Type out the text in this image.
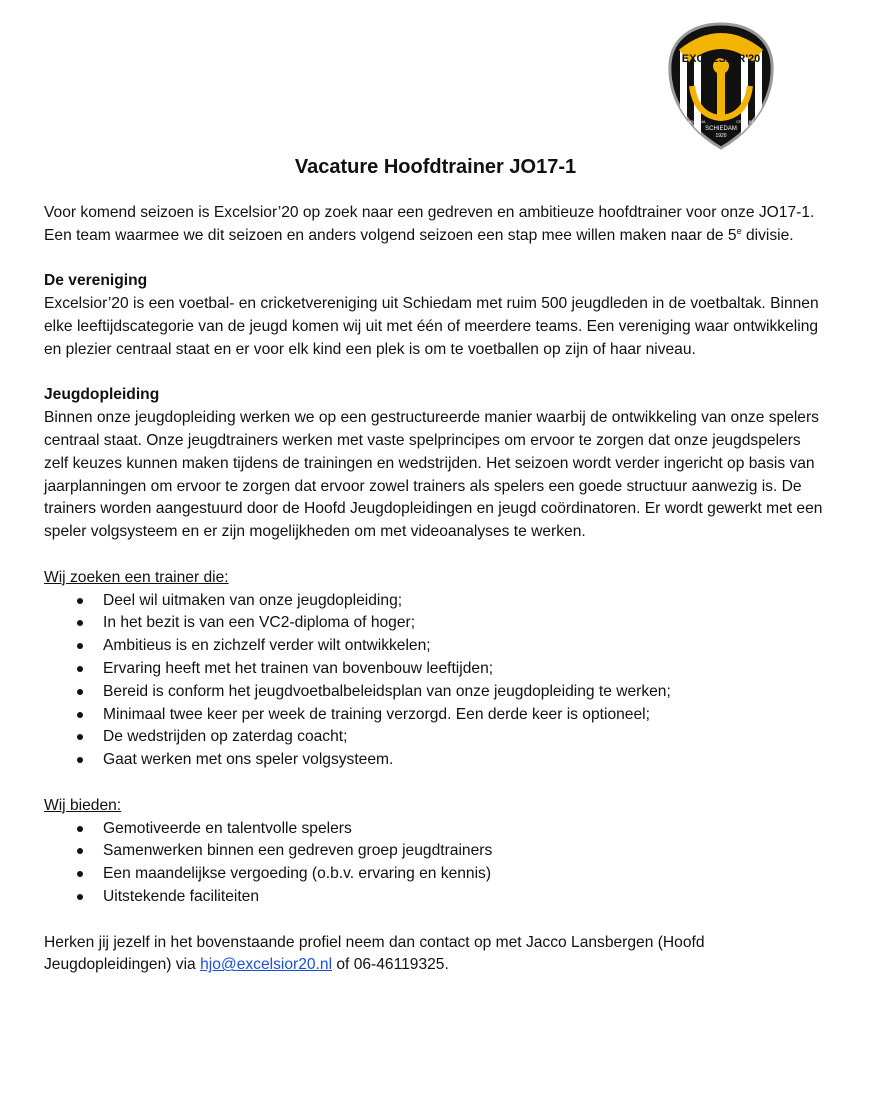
EXCELSIOR'20
VOETBAL	CRICKET
SCHIEDAM
1920
Vacature Hoofdtrainer JO17-1

Voor komend seizoen is Excelsior’20 op zoek naar een gedreven en ambitieuze hoofdtrainer voor onze JO17-1. Een team waarmee we dit seizoen en anders volgend seizoen een stap mee willen maken naar de 5e divisie.

De vereniging

Excelsior’20 is een voetbal- en cricketvereniging uit Schiedam met ruim 500 jeugdleden in de voetbaltak. Binnen elke leeftijdscategorie van de jeugd komen wij uit met één of meerdere teams. Een vereniging waar ontwikkeling en plezier centraal staat en er voor elk kind een plek is om te voetballen op zijn of haar niveau.

Jeugdopleiding

Binnen onze jeugdopleiding werken we op een gestructureerde manier waarbij de ontwikkeling van onze spelers centraal staat. Onze jeugdtrainers werken met vaste spelprincipes om ervoor te zorgen dat onze jeugdspelers zelf keuzes kunnen maken tijdens de trainingen en wedstrijden. Het seizoen wordt verder ingericht op basis van jaarplanningen om ervoor te zorgen dat ervoor zowel trainers als spelers een goede structuur aanwezig is. De trainers worden aangestuurd door de Hoofd Jeugdopleidingen en jeugd coördinatoren. Er wordt gewerkt met een speler volgsysteem en er zijn mogelijkheden om met videoanalyses te werken.

Wij zoeken een trainer die:

Deel wil uitmaken van onze jeugdopleiding;
In het bezit is van een VC2-diploma of hoger;
Ambitieus is en zichzelf verder wilt ontwikkelen;
Ervaring heeft met het trainen van bovenbouw leeftijden;
Bereid is conform het jeugdvoetbalbeleidsplan van onze jeugdopleiding te werken;
Minimaal twee keer per week de training verzorgd. Een derde keer is optioneel;
De wedstrijden op zaterdag coacht;
Gaat werken met ons speler volgsysteem.

Wij bieden:

Gemotiveerde en talentvolle spelers
Samenwerken binnen een gedreven groep jeugdtrainers
Een maandelijkse vergoeding (o.b.v. ervaring en kennis)
Uitstekende faciliteiten

Herken jij jezelf in het bovenstaande profiel neem dan contact op met Jacco Lansbergen (Hoofd Jeugdopleidingen) via hjo@excelsior20.nl of 06-46119325.
